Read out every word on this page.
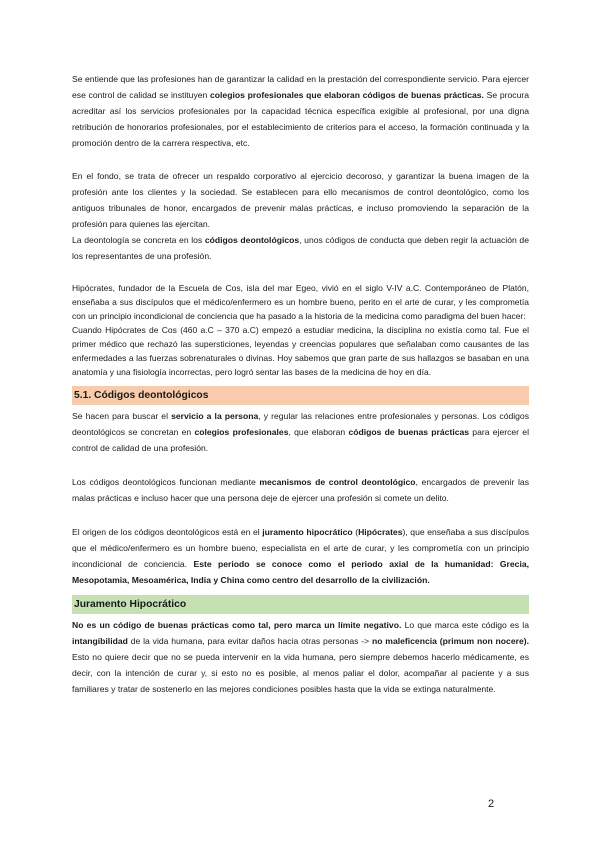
Se entiende que las profesiones han de garantizar la calidad en la prestación del correspondiente servicio. Para ejercer ese control de calidad se instituyen colegios profesionales que elaboran códigos de buenas prácticas. Se procura acreditar así los servicios profesionales por la capacidad técnica específica exigible al profesional, por una digna retribución de honorarios profesionales, por el establecimiento de criterios para el acceso, la formación continuada y la promoción dentro de la carrera respectiva, etc.

En el fondo, se trata de ofrecer un respaldo corporativo al ejercicio decoroso, y garantizar la buena imagen de la profesión ante los clientes y la sociedad. Se establecen para ello mecanismos de control deontológico, como los antiguos tribunales de honor, encargados de prevenir malas prácticas, e incluso promoviendo la separación de la profesión para quienes las ejercitan.

La deontología se concreta en los códigos deontológicos, unos códigos de conducta que deben regir la actuación de los representantes de una profesión.

Hipócrates, fundador de la Escuela de Cos, isla del mar Egeo, vivió en el siglo V-IV a.C. Contemporáneo de Platón, enseñaba a sus discípulos que el médico/enfermero es un hombre bueno, perito en el arte de curar, y les comprometía con un principio incondicional de conciencia que ha pasado a la historia de la medicina como paradigma del buen hacer:

Cuando Hipócrates de Cos (460 a.C – 370 a.C) empezó a estudiar medicina, la disciplina no existía como tal. Fue el primer médico que rechazó las supersticiones, leyendas y creencias populares que señalaban como causantes de las enfermedades a las fuerzas sobrenaturales o divinas. Hoy sabemos que gran parte de sus hallazgos se basaban en una anatomía y una fisiología incorrectas, pero logró sentar las bases de la medicina de hoy en día.

5.1. Códigos deontológicos

Se hacen para buscar el servicio a la persona, y regular las relaciones entre profesionales y personas. Los códigos deontológicos se concretan en colegios profesionales, que elaboran códigos de buenas prácticas para ejercer el control de calidad de una profesión.

Los códigos deontológicos funcionan mediante mecanismos de control deontológico, encargados de prevenir las malas prácticas e incluso hacer que una persona deje de ejercer una profesión si comete un delito.

El origen de los códigos deontológicos está en el juramento hipocrático (Hipócrates), que enseñaba a sus discípulos que el médico/enfermero es un hombre bueno, especialista en el arte de curar, y les comprometía con un principio incondicional de conciencia. Este periodo se conoce como el periodo axial de la humanidad: Grecia, Mesopotamia, Mesoamérica, India y China como centro del desarrollo de la civilización.

Juramento Hipocrático

No es un código de buenas prácticas como tal, pero marca un límite negativo. Lo que marca este código es la intangibilidad de la vida humana, para evitar daños hacia otras personas -> no maleficencia (primum non nocere). Esto no quiere decir que no se pueda intervenir en la vida humana, pero siempre debemos hacerlo médicamente, es decir, con la intención de curar y, si esto no es posible, al menos paliar el dolor, acompañar al paciente y a sus familiares y tratar de sostenerlo en las mejores condiciones posibles hasta que la vida se extinga naturalmente.

2
